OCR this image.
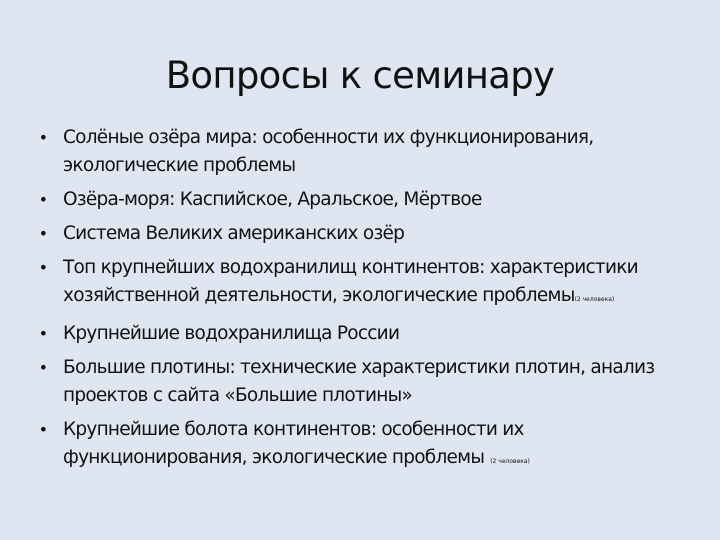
Вопросы к семинару
• Солёные озёра мира: особенности их функционирования, экологические проблемы
• Озёра-моря: Каспийское, Аральское, Мёртвое
• Система Великих американских озёр
• Топ крупнейших водохранилищ континентов: характеристики хозяйственной деятельности, экологические проблемы(2 человека)
• Крупнейшие водохранилища России
• Большие плотины: технические характеристики плотин, анализ проектов с сайта «Большие плотины»
• Крупнейшие болота континентов: особенности их функционирования, экологические проблемы (2 человека)
